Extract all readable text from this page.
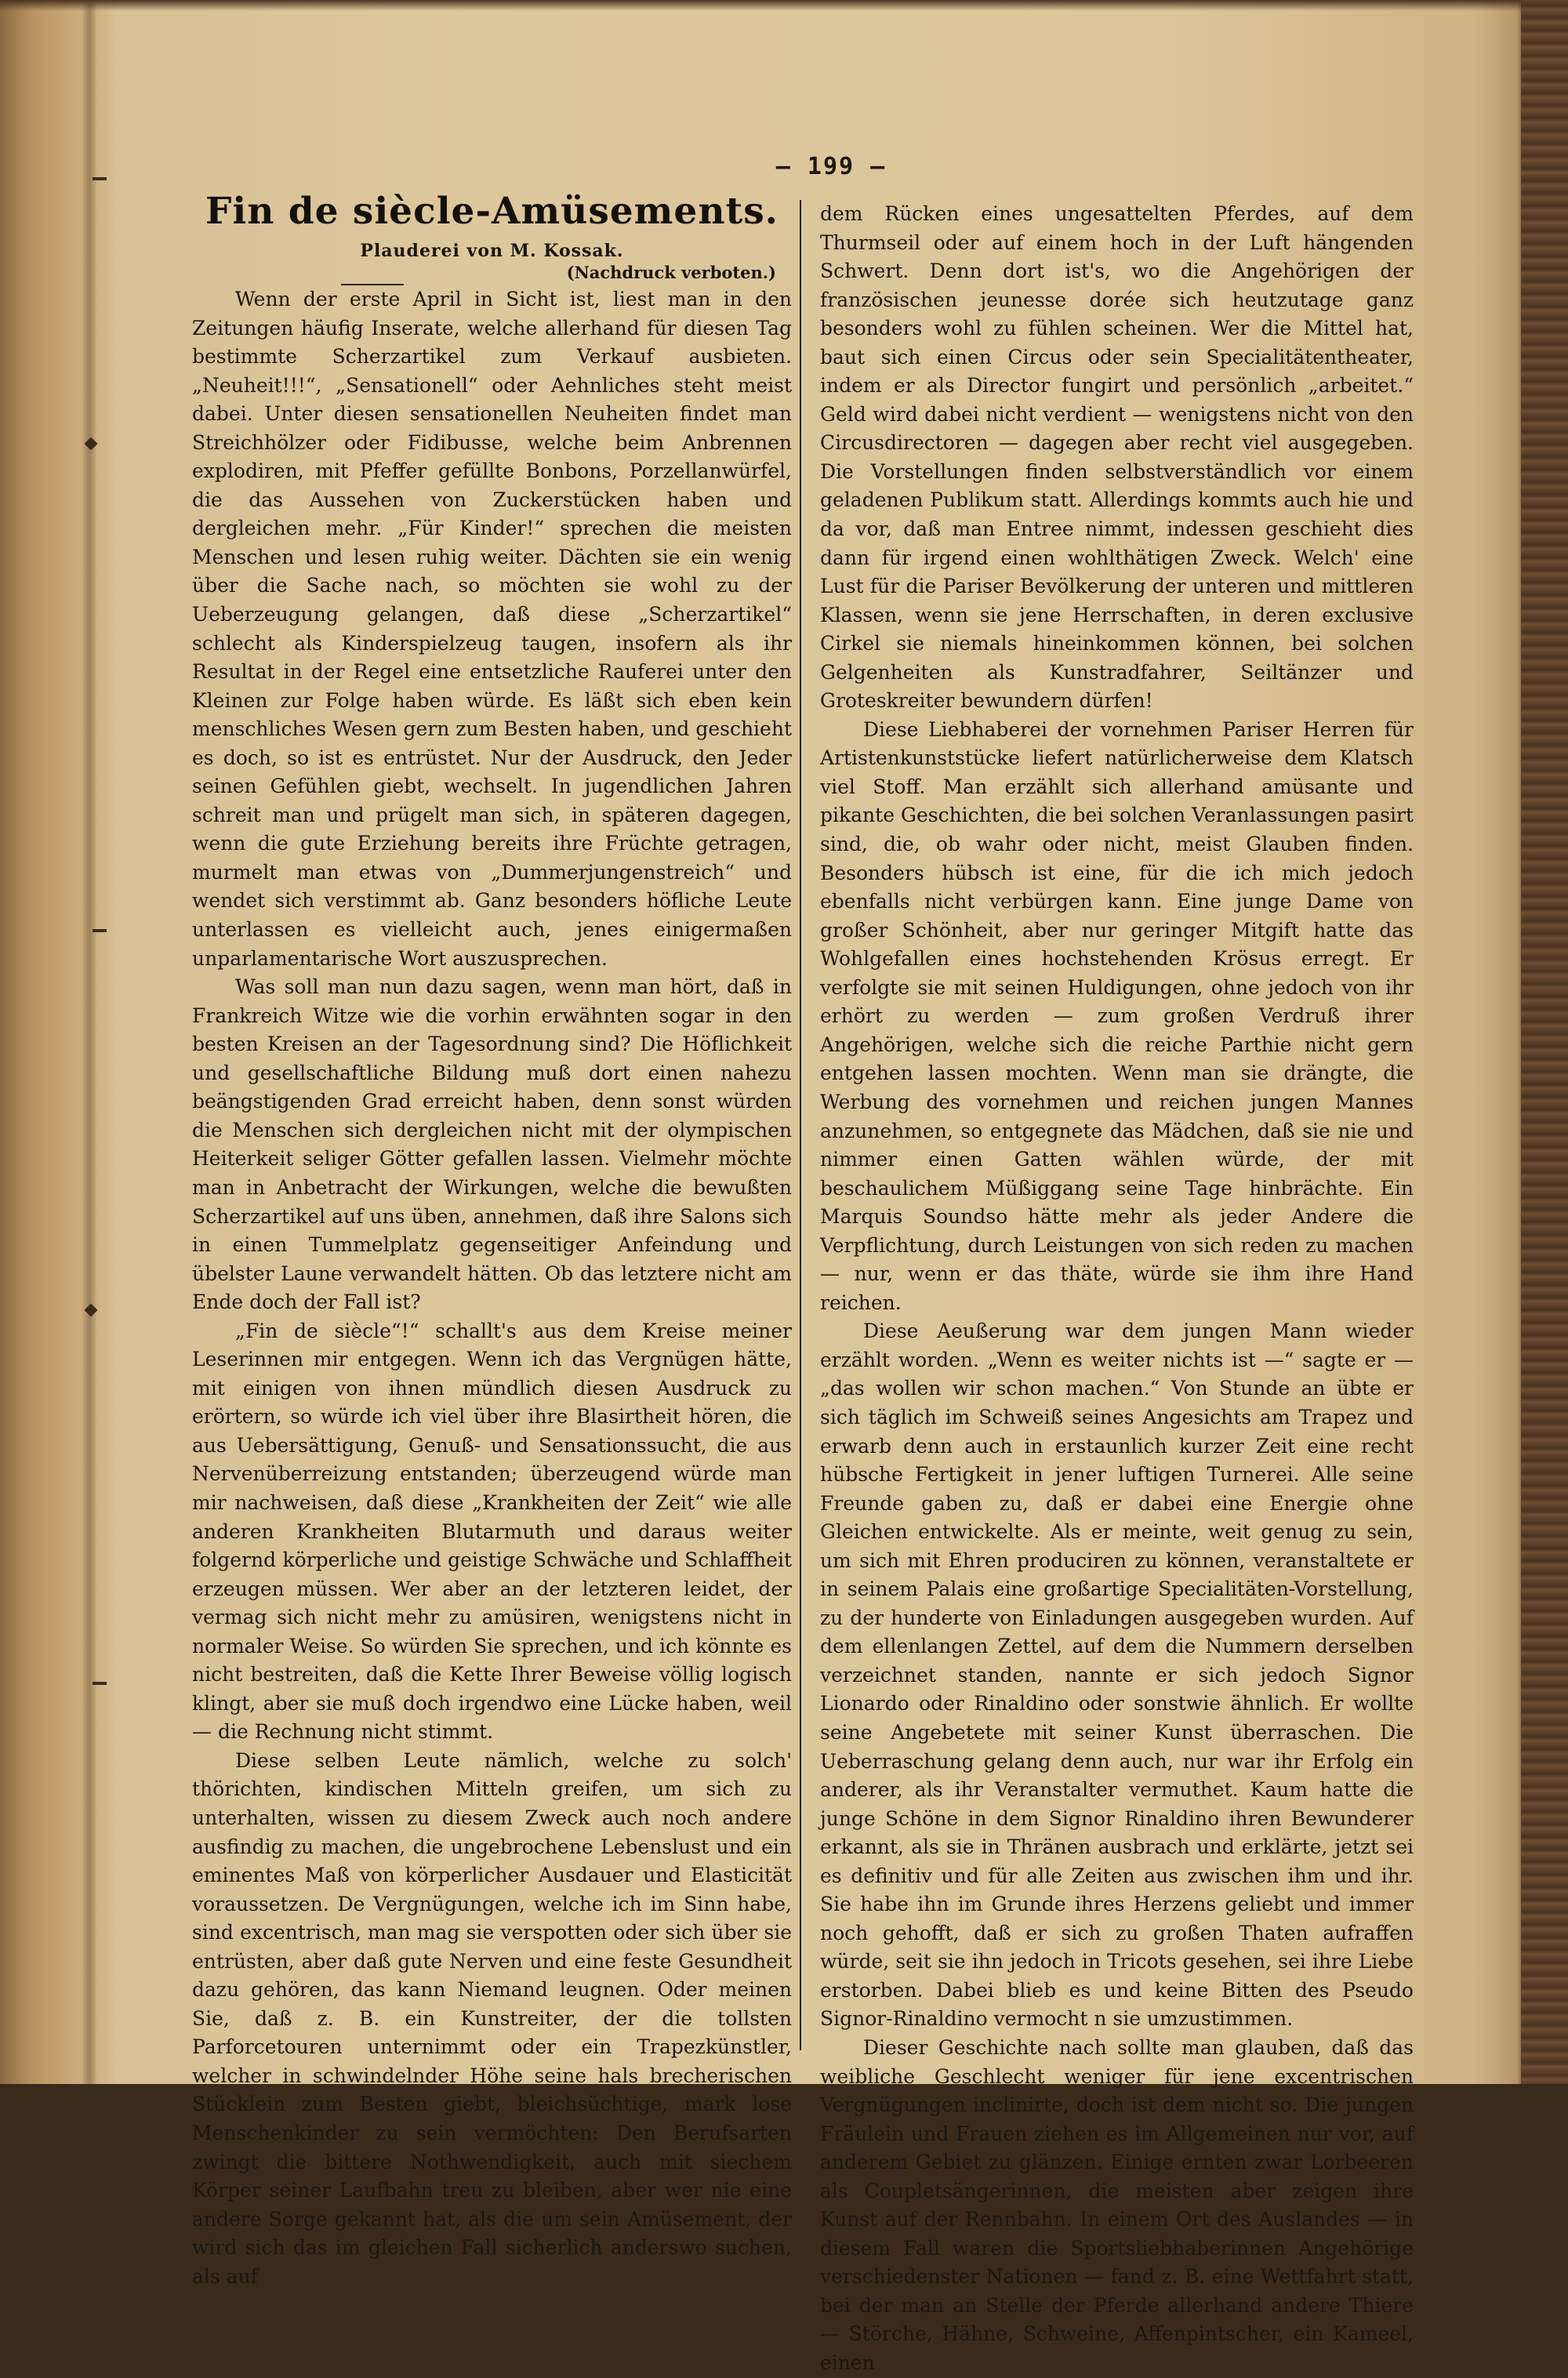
— 199 —
Fin de siècle-Amüsements.
Plauderei von M. Kossak.
(Nachdruck verboten.)

Wenn der erste April in Sicht ist, liest man in den Zeitungen häufig Inserate, welche allerhand für diesen Tag bestimmte Scherzartikel zum Verkauf ausbieten. „Neuheit!!!“, „Sensationell“ oder Aehnliches steht meist dabei. Unter diesen sensationellen Neuheiten findet man Streichhölzer oder Fidibusse, welche beim Anbrennen explodiren, mit Pfeffer gefüllte Bonbons, Porzellanwürfel, die das Aussehen von Zuckerstücken haben und dergleichen mehr. „Für Kinder!“ sprechen die meisten Menschen und lesen ruhig weiter. Dächten sie ein wenig über die Sache nach, so möchten sie wohl zu der Ueberzeugung gelangen, daß diese „Scherzartikel“ schlecht als Kinderspielzeug taugen, insofern als ihr Resultat in der Regel eine entsetzliche Rauferei unter den Kleinen zur Folge haben würde. Es läßt sich eben kein menschliches Wesen gern zum Besten haben, und geschieht es doch, so ist es entrüstet. Nur der Ausdruck, den Jeder seinen Gefühlen giebt, wechselt. In jugendlichen Jahren schreit man und prügelt man sich, in späteren dagegen, wenn die gute Erziehung bereits ihre Früchte getragen, murmelt man etwas von „Dummerjungenstreich“ und wendet sich verstimmt ab. Ganz besonders höfliche Leute unterlassen es vielleicht auch, jenes einigermaßen unparlamentarische Wort auszusprechen.

Was soll man nun dazu sagen, wenn man hört, daß in Frankreich Witze wie die vorhin erwähnten sogar in den besten Kreisen an der Tagesordnung sind? Die Höflichkeit und gesellschaftliche Bildung muß dort einen nahezu beängstigenden Grad erreicht haben, denn sonst würden die Menschen sich dergleichen nicht mit der olympischen Heiterkeit seliger Götter gefallen lassen. Vielmehr möchte man in Anbetracht der Wirkungen, welche die bewußten Scherzartikel auf uns üben, annehmen, daß ihre Salons sich in einen Tummelplatz gegenseitiger Anfeindung und übelster Laune verwandelt hätten. Ob das letztere nicht am Ende doch der Fall ist?

„Fin de siècle“!“ schallt's aus dem Kreise meiner Leserinnen mir entgegen. Wenn ich das Vergnügen hätte, mit einigen von ihnen mündlich diesen Ausdruck zu erörtern, so würde ich viel über ihre Blasirtheit hören, die aus Uebersättigung, Genuß- und Sensationssucht, die aus Nervenüberreizung entstanden; überzeugend würde man mir nachweisen, daß diese „Krankheiten der Zeit“ wie alle anderen Krankheiten Blutarmuth und daraus weiter folgernd körperliche und geistige Schwäche und Schlaffheit erzeugen müssen. Wer aber an der letzteren leidet, der vermag sich nicht mehr zu amüsiren, wenigstens nicht in normaler Weise. So würden Sie sprechen, und ich könnte es nicht bestreiten, daß die Kette Ihrer Beweise völlig logisch klingt, aber sie muß doch irgendwo eine Lücke haben, weil — die Rechnung nicht stimmt.

Diese selben Leute nämlich, welche zu solch' thörichten, kindischen Mitteln greifen, um sich zu unterhalten, wissen zu diesem Zweck auch noch andere ausfindig zu machen, die ungebrochene Lebenslust und ein eminentes Maß von körperlicher Ausdauer und Elasticität voraussetzen. De Vergnügungen, welche ich im Sinn habe, sind excentrisch, man mag sie verspotten oder sich über sie entrüsten, aber daß gute Nerven und eine feste Gesundheit dazu gehören, das kann Niemand leugnen. Oder meinen Sie, daß z. B. ein Kunstreiter, der die tollsten Parforcetouren unternimmt oder ein Trapezkünstler, welcher in schwindelnder Höhe seine hals brecherischen Stücklein zum Besten giebt, bleichsüchtige, mark lose Menschenkinder zu sein vermöchten: Den Berufsarten zwingt die bittere Nothwendigkeit, auch mit siechem Körper seiner Laufbahn treu zu bleiben, aber wer nie eine andere Sorge gekannt hat, als die um sein Amüsement, der wird sich das im gleichen Fall sicherlich anderswo suchen, als auf

dem Rücken eines ungesattelten Pferdes, auf dem Thurmseil oder auf einem hoch in der Luft hängenden Schwert. Denn dort ist's, wo die Angehörigen der französischen jeunesse dorée sich heutzutage ganz besonders wohl zu fühlen scheinen. Wer die Mittel hat, baut sich einen Circus oder sein Specialitätentheater, indem er als Director fungirt und persönlich „arbeitet.“ Geld wird dabei nicht verdient — wenigstens nicht von den Circusdirectoren — dagegen aber recht viel ausgegeben. Die Vorstellungen finden selbstverständlich vor einem geladenen Publikum statt. Allerdings kommts auch hie und da vor, daß man Entree nimmt, indessen geschieht dies dann für irgend einen wohlthätigen Zweck. Welch' eine Lust für die Pariser Bevölkerung der unteren und mittleren Klassen, wenn sie jene Herrschaften, in deren exclusive Cirkel sie niemals hineinkommen können, bei solchen Gelgenheiten als Kunstradfahrer, Seiltänzer und Groteskreiter bewundern dürfen!

Diese Liebhaberei der vornehmen Pariser Herren für Artistenkunststücke liefert natürlicherweise dem Klatsch viel Stoff. Man erzählt sich allerhand amüsante und pikante Geschichten, die bei solchen Veranlassungen pasirt sind, die, ob wahr oder nicht, meist Glauben finden. Besonders hübsch ist eine, für die ich mich jedoch ebenfalls nicht verbürgen kann. Eine junge Dame von großer Schönheit, aber nur geringer Mitgift hatte das Wohlgefallen eines hochstehenden Krösus erregt. Er verfolgte sie mit seinen Huldigungen, ohne jedoch von ihr erhört zu werden — zum großen Verdruß ihrer Angehörigen, welche sich die reiche Parthie nicht gern entgehen lassen mochten. Wenn man sie drängte, die Werbung des vornehmen und reichen jungen Mannes anzunehmen, so entgegnete das Mädchen, daß sie nie und nimmer einen Gatten wählen würde, der mit beschaulichem Müßiggang seine Tage hinbrächte. Ein Marquis Soundso hätte mehr als jeder Andere die Verpflichtung, durch Leistungen von sich reden zu machen — nur, wenn er das thäte, würde sie ihm ihre Hand reichen.

Diese Aeußerung war dem jungen Mann wieder erzählt worden. „Wenn es weiter nichts ist —“ sagte er — „das wollen wir schon machen.“ Von Stunde an übte er sich täglich im Schweiß seines Angesichts am Trapez und erwarb denn auch in erstaunlich kurzer Zeit eine recht hübsche Fertigkeit in jener luftigen Turnerei. Alle seine Freunde gaben zu, daß er dabei eine Energie ohne Gleichen entwickelte. Als er meinte, weit genug zu sein, um sich mit Ehren produciren zu können, veranstaltete er in seinem Palais eine großartige Specialitäten-Vorstellung, zu der hunderte von Einladungen ausgegeben wurden. Auf dem ellenlangen Zettel, auf dem die Nummern derselben verzeichnet standen, nannte er sich jedoch Signor Lionardo oder Rinaldino oder sonstwie ähnlich. Er wollte seine Angebetete mit seiner Kunst überraschen. Die Ueberraschung gelang denn auch, nur war ihr Erfolg ein anderer, als ihr Veranstalter vermuthet. Kaum hatte die junge Schöne in dem Signor Rinaldino ihren Bewunderer erkannt, als sie in Thränen ausbrach und erklärte, jetzt sei es definitiv und für alle Zeiten aus zwischen ihm und ihr. Sie habe ihn im Grunde ihres Herzens geliebt und immer noch gehofft, daß er sich zu großen Thaten aufraffen würde, seit sie ihn jedoch in Tricots gesehen, sei ihre Liebe erstorben. Dabei blieb es und keine Bitten des Pseudo Signor-Rinaldino vermocht n sie umzustimmen.

Dieser Geschichte nach sollte man glauben, daß das weibliche Geschlecht weniger für jene excentrischen Vergnügungen inclinirte, doch ist dem nicht so. Die jungen Fräulein und Frauen ziehen es im Allgemeinen nur vor, auf anderem Gebiet zu glänzen. Einige ernten zwar Lorbeeren als Coupletsängerinnen, die meisten aber zeigen ihre Kunst auf der Rennbahn. In einem Ort des Auslandes — in diesem Fall waren die Sportsliebhaberinnen Angehörige verschiedenster Nationen — fand z. B. eine Wettfahrt statt, bei der man an Stelle der Pferde allerhand andere Thiere — Störche, Hähne, Schweine, Affenpintscher, ein Kameel, einen
